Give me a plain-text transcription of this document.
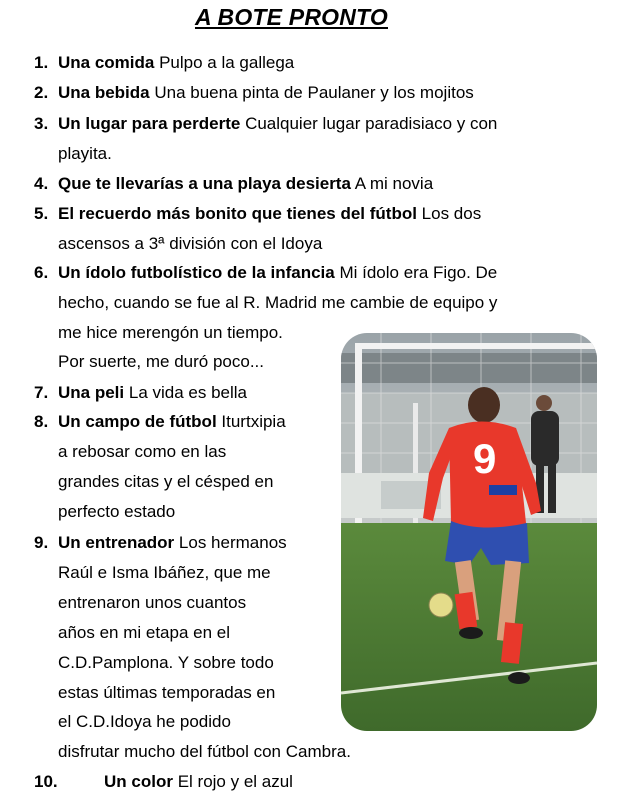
A BOTE PRONTO
1. Una comida Pulpo a la gallega
2. Una bebida Una buena pinta de Paulaner y los mojitos
3. Un lugar para perderte Cualquier lugar paradisiaco y con
playita.
4. Que te llevarías a una playa desierta A mi novia
5. El recuerdo más bonito que tienes del fútbol Los dos
ascensos a 3ª división con el Idoya
6. Un ídolo futbolístico de la infancia Mi ídolo era Figo. De
hecho, cuando se fue al R. Madrid me cambie de equipo y
me hice merengón un tiempo.
Por suerte, me duró poco...
7. Una peli La vida es bella
8. Un campo de fútbol Iturtxipia
a rebosar como en las
grandes citas y el césped en
perfecto estado
9. Un entrenador Los hermanos
Raúl e Isma Ibáñez, que me
entrenaron unos cuantos
años en mi etapa en el
C.D.Pamplona. Y sobre todo
estas últimas temporadas en
el C.D.Idoya he podido
disfrutar mucho del fútbol con Cambra.
10.	Un color El rojo y el azul
9
